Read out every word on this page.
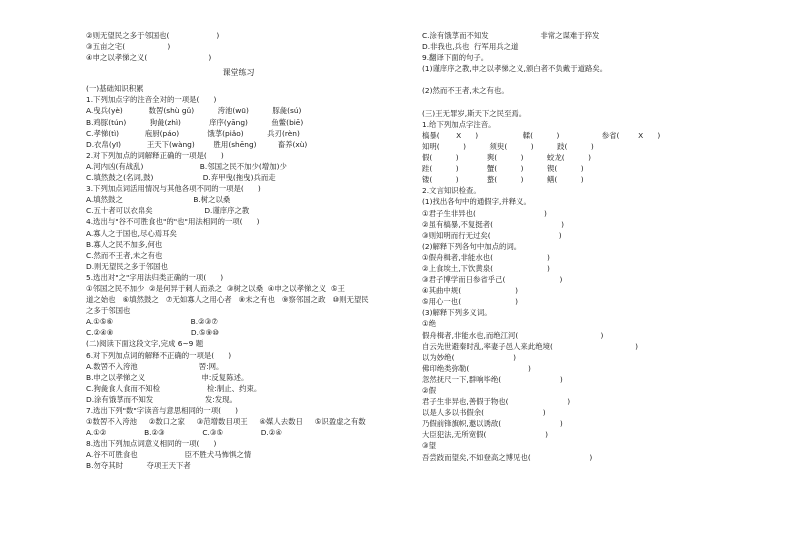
②则无望民之多于邻国也(                    )
③五亩之宅(                  )
④申之以孝悌之义(                          )
课堂练习
(一)基础知识积累
1.下列加点字的注音全对的一项是(      )
A.曳兵(yè)           数罟(shù gǔ)          洿池(wū)          豚彘(sú)
B.鸡豚(tún)          狗彘(zhì)            庠序(yāng)          鱼鳖(biē)
C.孝悌(tì)           庖厨(páo)            饿莩(piǎo)          兵刃(rèn)
D.衣帛(yī)           王天下(wàng)        胜用(shēng)         畜养(xù)
2.对下列加点的词解释正确的一项是(      )
A.河内凶(有战乱)                        B.邻国之民不加少(增加)少
C.填然鼓之(名词,鼓)                     D.弃甲曳(拖曳)兵而走
3.下列加点词活用情况与其他各项不同的一项是(      )
A.填然鼓之                              B.树之以桑
C.五十者可以衣帛矣                      D.谨庠序之教
4.选出与"谷不可胜食也"的"也"用法相同的一项(      )
A.寡人之于国也,尽心焉耳矣
B.寡人之民不加多,何也
C.然而不王者,未之有也
D.则无望民之多于邻国也
5.选出对"之"字用法归类正确的一项(      )
①邻国之民不加少  ②是何异于刺人而杀之  ③树之以桑  ④申之以孝悌之义  ⑤王
道之始也   ⑥填然鼓之   ⑦无如寡人之用心者   ⑧未之有也   ⑨察邻国之政   ⑩则无望民
之多于邻国也
A.①⑤⑥                                 B.②③⑦
C.②④⑧                                 D.⑤⑨⑩
(二)阅读下面这段文字,完成 6~9 题
6.对下列加点词的解释不正确的一项是(      )
A.数罟不入洿池                          罟:网。
B.申之以孝悌之义                        申:反复陈述。
C.狗彘食人食而不知检                    检:制止、约束。
D.涂有饿莩而不知发                      发:发现。
7.选出下列"数"字读音与意思相同的一项(      )
①数罟不入洿池     ②数口之家     ③范增数目项王     ④媒人去数日     ⑤识盈虚之有数
A.①②                B.②③                C.③⑤                D.②④
8.选出下列加点词意义相同的一项(      )
A.谷不可胜食也                    臣不胜犬马怖惧之情
B.勿夺其时          夺项王天下者
C.涂有饿莩而不知发                      非常之谋难于猝发
D.非我也,兵也  行军用兵之道
9.翻译下面的句子。
(1)谨庠序之教,申之以孝悌之义,颁白者不负戴于道路矣。
(2)然而不王者,未之有也。
(三)王无罪岁,斯天下之民至焉。
1.给下列加点字注音。
槁暴(       X      )                   輮(          )                  参省(        X      )
知明(          )          须臾(          )          跂(          )
假(          )            舆(          )          蛟龙(          )
跬(          )            蟹(          )          锲(          )
镂(          )            螯(          )          鳝(          )
2.文言知识检查。
(1)找出各句中的通假字,并释义。
①君子生非异也(                             )
②虽有槁暴,不复挺者(                             )
③则知明而行无过矣(                             )
(2)解释下列各句中加点的词。
①假舟楫者,非能水也(                       )
②上食埃土,下饮黄泉(                       )
③君子博学而日参省乎己(                       )
④其曲中规(                       )
⑤用心一也(                       )
(3)解释下列多义词。
①绝
假舟楫者,非能水也,而绝江河(                                   )
自云先世避秦时乱,率妻子邑人来此绝境(                                   )
以为妙绝(                         )
佛印绝类弥勒(                         )
忽然抚尺一下,群响毕绝(                         )
②假
君子生非异也,善假于物也(                         )
以是人多以书假余(                         )
乃假前锋旗帜,邀以诱敌(                         )
大臣犯法,无所宽假(                         )
③望
吾尝跂而望矣,不如登高之博见也(                         )
